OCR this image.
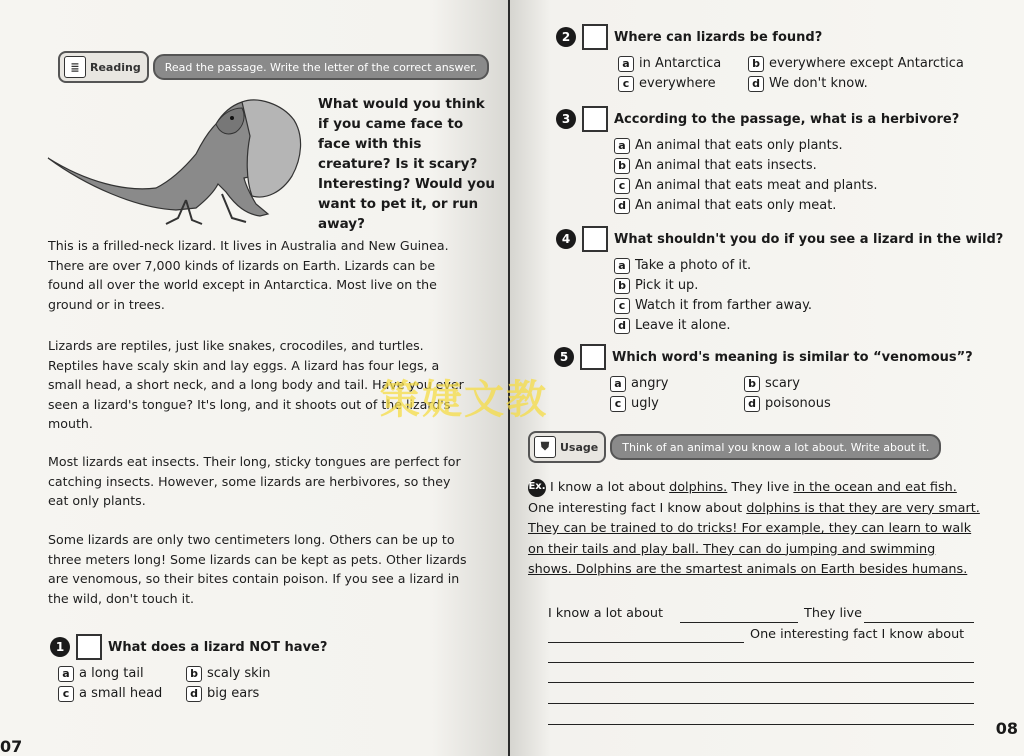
≣ Reading	Read the passage. Write the letter of the correct answer.
What would you think if you came face to face with this creature? Is it scary? Interesting? Would you want to pet it, or run away?
This is a frilled-neck lizard. It lives in Australia and New Guinea. There are over 7,000 kinds of lizards on Earth. Lizards can be found all over the world except in Antarctica. Most live on the ground or in trees.
Lizards are reptiles, just like snakes, crocodiles, and turtles. Reptiles have scaly skin and lay eggs. A lizard has four legs, a small head, a short neck, and a long body and tail. Have you ever seen a lizard's tongue? It's long, and it shoots out of the lizard's mouth.
Most lizards eat insects. Their long, sticky tongues are perfect for catching insects. However, some lizards are herbivores, so they eat only plants.
Some lizards are only two centimeters long. Others can be up to three meters long! Some lizards can be kept as pets. Other lizards are venomous, so their bites contain poison. If you see a lizard in the wild, don't touch it.
1	What does a lizard NOT have?
a a long tail	b scaly skin
c a small head	d big ears
07
2	Where can lizards be found?
a in Antarctica	b everywhere except Antarctica
c everywhere	d We don't know.
3	According to the passage, what is a herbivore?
a An animal that eats only plants.
b An animal that eats insects.
c An animal that eats meat and plants.
d An animal that eats only meat.
4	What shouldn't you do if you see a lizard in the wild?
a Take a photo of it.
b Pick it up.
c Watch it from farther away.
d Leave it alone.
5	Which word's meaning is similar to “venomous”?
a angry	b scary
c ugly	d poisonous
策婕文教
⛊ Usage	Think of an animal you know a lot about. Write about it.
Ex. I know a lot about dolphins. They live in the ocean and eat fish. One interesting fact I know about dolphins is that they are very smart. They can be trained to do tricks! For example, they can learn to walk on their tails and play ball. They can do jumping and swimming shows. Dolphins are the smartest animals on Earth besides humans.
I know a lot about	They live
One interesting fact I know about
08
